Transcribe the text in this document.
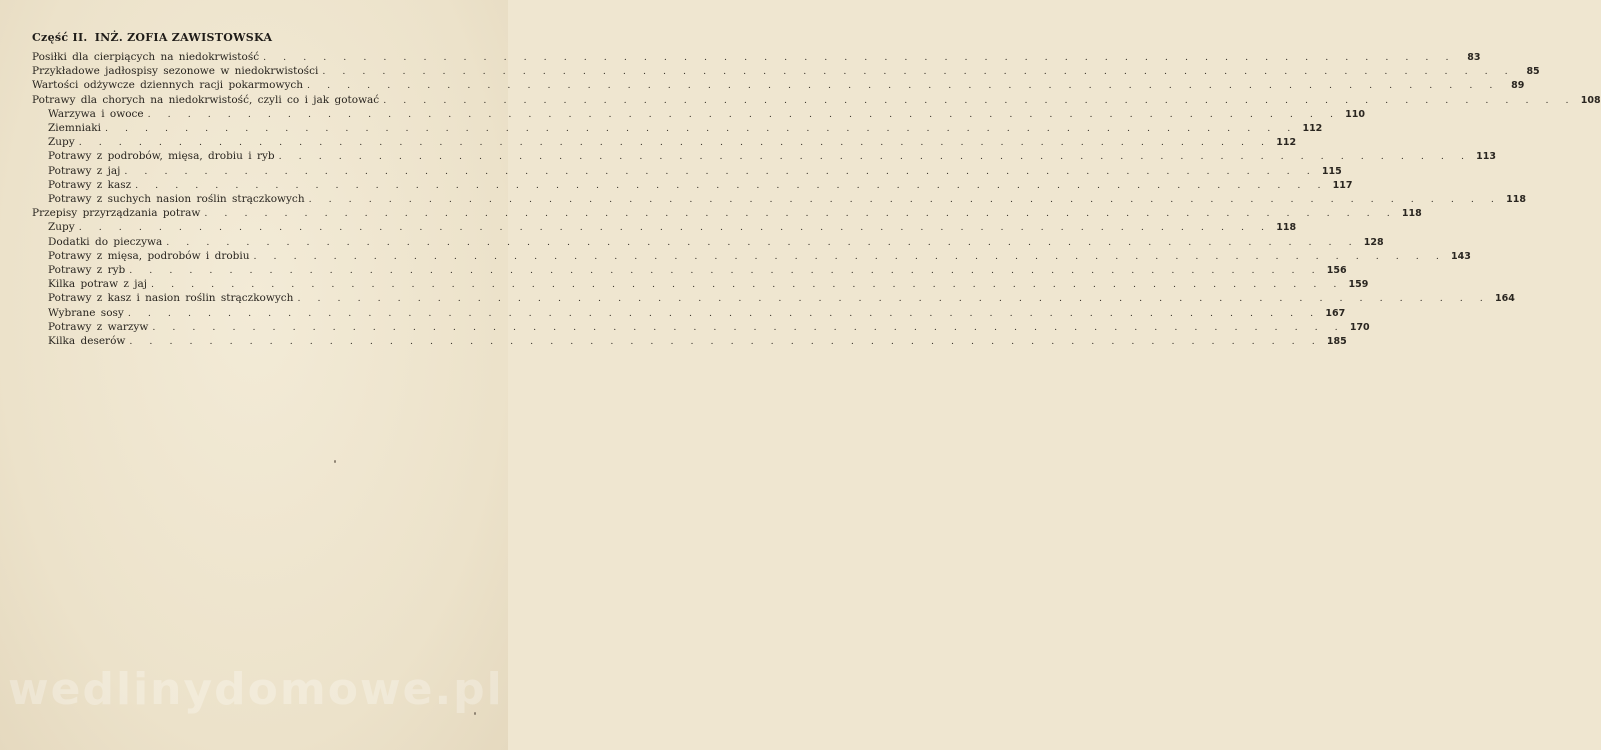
Część II. INŻ. ZOFIA ZAWISTOWSKA
Posiłki dla cierpiących na niedokrwistość . . . . . . . . . . . . . . . . . . . . . . . . . . . . . . . . . . . . . . . . . . . . . . . . . . . . . . . . . . . .	83
Przykładowe jadłospisy sezonowe w niedokrwistości . . . . . . . . . . . . . . . . . . . . . . . . . . . . . . . . . . . . . . . . . . . . . . . . . . . . . . . . . . . .	85
Wartości odżywcze dziennych racji pokarmowych . . . . . . . . . . . . . . . . . . . . . . . . . . . . . . . . . . . . . . . . . . . . . . . . . . . . . . . . . . . .	89
Potrawy dla chorych na niedokrwistość, czyli co i jak gotować . . . . . . . . . . . . . . . . . . . . . . . . . . . . . . . . . . . . . . . . . . . . . . . . . . . . . . . . . . . . 108
Warzywa i owoce . . . . . . . . . . . . . . . . . . . . . . . . . . . . . . . . . . . . . . . . . . . . . . . . . . . . . . . . . . . . 110
Ziemniaki . . . . . . . . . . . . . . . . . . . . . . . . . . . . . . . . . . . . . . . . . . . . . . . . . . . . . . . . . . . . 112
Zupy . . . . . . . . . . . . . . . . . . . . . . . . . . . . . . . . . . . . . . . . . . . . . . . . . . . . . . . . . . . . 112
Potrawy z podrobów, mięsa, drobiu i ryb . . . . . . . . . . . . . . . . . . . . . . . . . . . . . . . . . . . . . . . . . . . . . . . . . . . . . . . . . . . . 113
Potrawy z jaj . . . . . . . . . . . . . . . . . . . . . . . . . . . . . . . . . . . . . . . . . . . . . . . . . . . . . . . . . . . . 115
Potrawy z kasz . . . . . . . . . . . . . . . . . . . . . . . . . . . . . . . . . . . . . . . . . . . . . . . . . . . . . . . . . . . . 117
Potrawy z suchych nasion roślin strączkowych . . . . . . . . . . . . . . . . . . . . . . . . . . . . . . . . . . . . . . . . . . . . . . . . . . . . . . . . . . . . 118
Przepisy przyrządzania potraw . . . . . . . . . . . . . . . . . . . . . . . . . . . . . . . . . . . . . . . . . . . . . . . . . . . . . . . . . . . . 118
Zupy . . . . . . . . . . . . . . . . . . . . . . . . . . . . . . . . . . . . . . . . . . . . . . . . . . . . . . . . . . . . 118
Dodatki do pieczywa . . . . . . . . . . . . . . . . . . . . . . . . . . . . . . . . . . . . . . . . . . . . . . . . . . . . . . . . . . . . 128
Potrawy z mięsa, podrobów i drobiu . . . . . . . . . . . . . . . . . . . . . . . . . . . . . . . . . . . . . . . . . . . . . . . . . . . . . . . . . . . . 143
Potrawy z ryb . . . . . . . . . . . . . . . . . . . . . . . . . . . . . . . . . . . . . . . . . . . . . . . . . . . . . . . . . . . . 156
Kilka potraw z jaj . . . . . . . . . . . . . . . . . . . . . . . . . . . . . . . . . . . . . . . . . . . . . . . . . . . . . . . . . . . . 159
Potrawy z kasz i nasion roślin strączkowych . . . . . . . . . . . . . . . . . . . . . . . . . . . . . . . . . . . . . . . . . . . . . . . . . . . . . . . . . . . . 164
Wybrane sosy . . . . . . . . . . . . . . . . . . . . . . . . . . . . . . . . . . . . . . . . . . . . . . . . . . . . . . . . . . . . 167
Potrawy z warzyw . . . . . . . . . . . . . . . . . . . . . . . . . . . . . . . . . . . . . . . . . . . . . . . . . . . . . . . . . . . . 170
Kilka deserów . . . . . . . . . . . . . . . . . . . . . . . . . . . . . . . . . . . . . . . . . . . . . . . . . . . . . . . . . . . . 185
wedlinydomowe.pl
